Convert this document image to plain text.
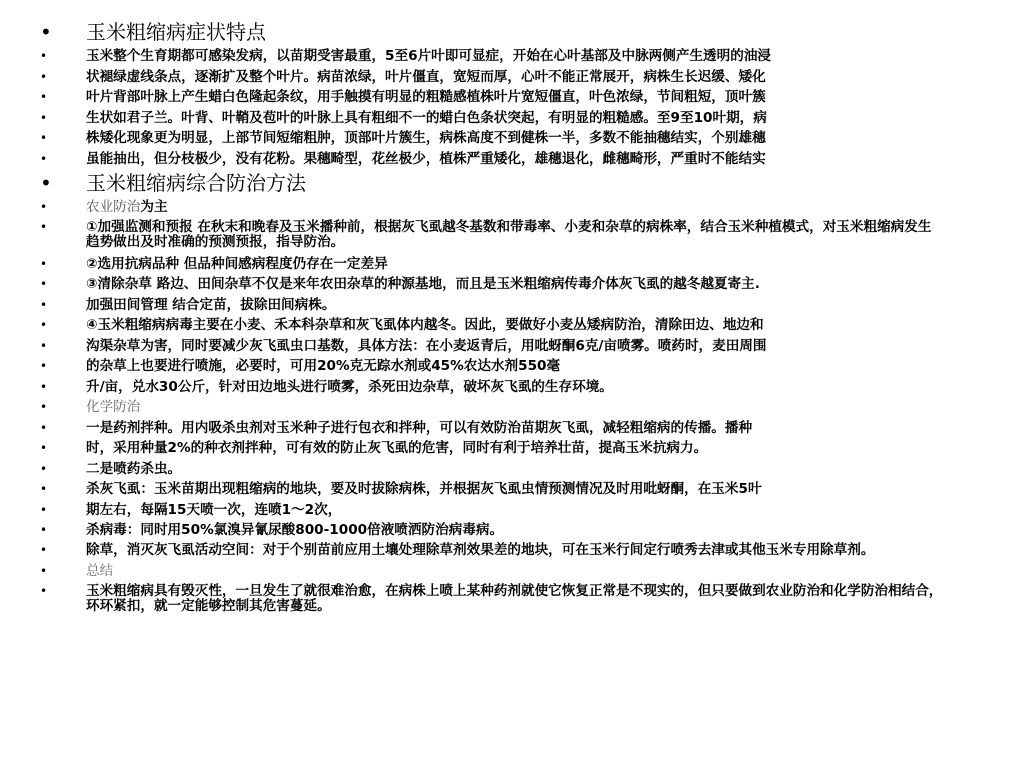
• 玉米粗缩病症状特点
•	玉米整个生育期都可感染发病，以苗期受害最重，5至6片叶即可显症，开始在心叶基部及中脉两侧产生透明的油浸
•	状褪绿虚线条点，逐渐扩及整个叶片。病苗浓绿，叶片僵直，宽短而厚，心叶不能正常展开，病株生长迟缓、矮化
•	叶片背部叶脉上产生蜡白色隆起条纹，用手触摸有明显的粗糙感植株叶片宽短僵直，叶色浓绿，节间粗短，顶叶簇
•	生状如君子兰。叶背、叶鞘及苞叶的叶脉上具有粗细不一的蜡白色条状突起，有明显的粗糙感。至9至10叶期，病
•	株矮化现象更为明显，上部节间短缩粗肿，顶部叶片簇生，病株高度不到健株一半，多数不能抽穗结实，个别雄穗
•	虽能抽出，但分枝极少，没有花粉。果穗畸型，花丝极少，植株严重矮化，雄穗退化，雌穗畸形，严重时不能结实
• 玉米粗缩病综合防治方法
•	农业防治为主
•	①加强监测和预报 在秋末和晚春及玉米播种前，根据灰飞虱越冬基数和带毒率、小麦和杂草的病株率，结合玉米种植模式，对玉米粗缩病发生趋势做出及时准确的预测预报，指导防治。
•	②选用抗病品种 但品种间感病程度仍存在一定差异
•	③清除杂草 路边、田间杂草不仅是来年农田杂草的种源基地，而且是玉米粗缩病传毒介体灰飞虱的越冬越夏寄主.
•	加强田间管理 结合定苗，拔除田间病株。
•	④玉米粗缩病病毒主要在小麦、禾本科杂草和灰飞虱体内越冬。因此，要做好小麦丛矮病防治，清除田边、地边和
•	沟渠杂草为害，同时要减少灰飞虱虫口基数，具体方法：在小麦返青后，用吡蚜酮6克/亩喷雾。喷药时，麦田周围
•	的杂草上也要进行喷施，必要时，可用20%克无踪水剂或45%农达水剂550毫
•	升/亩，兑水30公斤，针对田边地头进行喷雾，杀死田边杂草，破坏灰飞虱的生存环境。
•	化学防治
•	一是药剂拌种。用内吸杀虫剂对玉米种子进行包衣和拌种，可以有效防治苗期灰飞虱，减轻粗缩病的传播。播种
•	时，采用种量2%的种衣剂拌种，可有效的防止灰飞虱的危害，同时有利于培养壮苗，提高玉米抗病力。
•	二是喷药杀虫。
•	杀灰飞虱：玉米苗期出现粗缩病的地块，要及时拔除病株，并根据灰飞虱虫情预测情况及时用吡蚜酮，在玉米5叶
•	期左右，每隔15天喷一次，连喷1～2次，
•	杀病毒：同时用50%氯溴异氰尿酸800-1000倍液喷洒防治病毒病。
•	除草，消灭灰飞虱活动空间：对于个别苗前应用土壤处理除草剂效果差的地块，可在玉米行间定行喷秀去津或其他玉米专用除草剂。
•	总结
•	玉米粗缩病具有毁灭性，一旦发生了就很难治愈，在病株上喷上某种药剂就使它恢复正常是不现实的，但只要做到农业防治和化学防治相结合，环环紧扣，就一定能够控制其危害蔓延。
